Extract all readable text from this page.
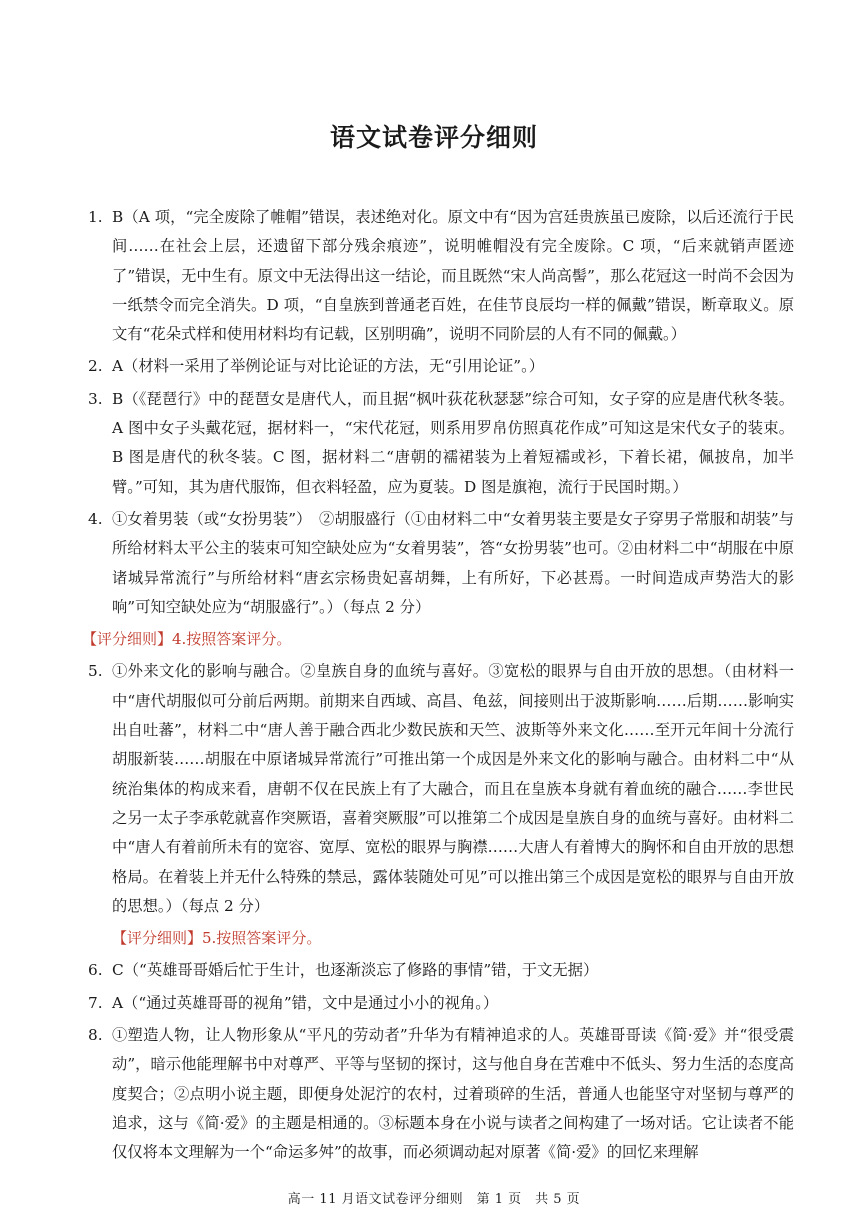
语文试卷评分细则
1. B（A 项，“完全废除了帷帽”错误，表述绝对化。原文中有“因为宫廷贵族虽已废除，以后还流行于民间……在社会上层，还遗留下部分残余痕迹”，说明帷帽没有完全废除。C 项，“后来就销声匿迹了”错误，无中生有。原文中无法得出这一结论，而且既然“宋人尚高髻”，那么花冠这一时尚不会因为一纸禁令而完全消失。D 项，“自皇族到普通老百姓，在佳节良辰均一样的佩戴”错误，断章取义。原文有“花朵式样和使用材料均有记载，区别明确”，说明不同阶层的人有不同的佩戴。）
2. A（材料一采用了举例论证与对比论证的方法，无“引用论证”。）
3. B（《琵琶行》中的琵琶女是唐代人，而且据“枫叶荻花秋瑟瑟”综合可知，女子穿的应是唐代秋冬装。A 图中女子头戴花冠，据材料一，“宋代花冠，则系用罗帛仿照真花作成”可知这是宋代女子的装束。B 图是唐代的秋冬装。C 图，据材料二“唐朝的襦裙装为上着短襦或衫，下着长裙，佩披帛，加半臂。”可知，其为唐代服饰，但衣料轻盈，应为夏装。D 图是旗袍，流行于民国时期。）
4. ①女着男装（或“女扮男装”）　②胡服盛行（①由材料二中“女着男装主要是女子穿男子常服和胡装”与所给材料太平公主的装束可知空缺处应为“女着男装”，答“女扮男装”也可。②由材料二中“胡服在中原诸城异常流行”与所给材料“唐玄宗杨贵妃喜胡舞，上有所好，下必甚焉。一时间造成声势浩大的影响”可知空缺处应为“胡服盛行”。）（每点 2 分）
【评分细则】4.按照答案评分。
5. ①外来文化的影响与融合。②皇族自身的血统与喜好。③宽松的眼界与自由开放的思想。（由材料一中“唐代胡服似可分前后两期。前期来自西域、高昌、龟兹，间接则出于波斯影响……后期……影响实出自吐蕃”，材料二中“唐人善于融合西北少数民族和天竺、波斯等外来文化……至开元年间十分流行胡服新装……胡服在中原诸城异常流行”可推出第一个成因是外来文化的影响与融合。由材料二中“从统治集体的构成来看，唐朝不仅在民族上有了大融合，而且在皇族本身就有着血统的融合……李世民之另一太子李承乾就喜作突厥语，喜着突厥服”可以推第二个成因是皇族自身的血统与喜好。由材料二中“唐人有着前所未有的宽容、宽厚、宽松的眼界与胸襟……大唐人有着博大的胸怀和自由开放的思想格局。在着装上并无什么特殊的禁忌，露体装随处可见”可以推出第三个成因是宽松的眼界与自由开放的思想。）（每点 2 分）
【评分细则】5.按照答案评分。
6. C（“英雄哥哥婚后忙于生计，也逐渐淡忘了修路的事情”错，于文无据）
7. A（“通过英雄哥哥的视角”错，文中是通过小小的视角。）
8. ①塑造人物，让人物形象从“平凡的劳动者”升华为有精神追求的人。英雄哥哥读《简·爱》并“很受震动”，暗示他能理解书中对尊严、平等与坚韧的探讨，这与他自身在苦难中不低头、努力生活的态度高度契合；②点明小说主题，即便身处泥泞的农村，过着琐碎的生活，普通人也能坚守对坚韧与尊严的追求，这与《简·爱》的主题是相通的。③标题本身在小说与读者之间构建了一场对话。它让读者不能仅仅将本文理解为一个“命运多舛”的故事，而必须调动起对原著《简·爱》的回忆来理解
高一 11 月语文试卷评分细则　第 1 页　共 5 页
